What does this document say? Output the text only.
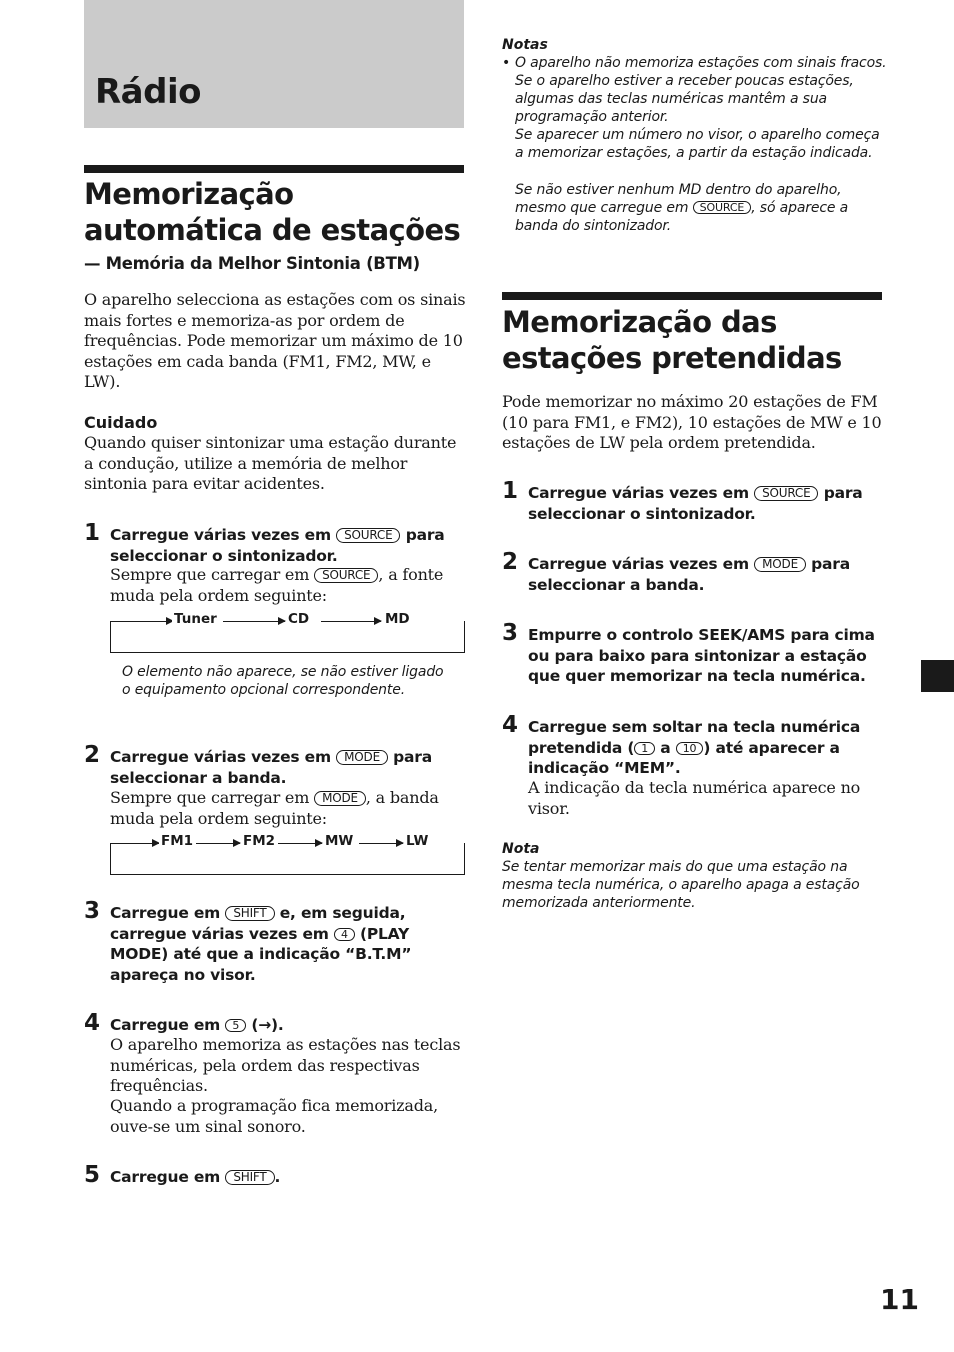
Rádio
Memorização automática de estações
— Memória da Melhor Sintonia (BTM)
O aparelho selecciona as estações com os sinais mais fortes e memoriza-as por ordem de frequências. Pode memorizar um máximo de 10 estações em cada banda (FM1, FM2, MW, e LW).
Cuidado
Quando quiser sintonizar uma estação durante a condução, utilize a memória de melhor sintonia para evitar acidentes.
1 Carregue várias vezes em SOURCE para
seleccionar o sintonizador.
Sempre que carregar em SOURCE , a fonte
muda pela ordem seguinte:
Tuner	CD	MD
O elemento não aparece, se não estiver ligado o equipamento opcional correspondente.
2 Carregue várias vezes em MODE para
seleccionar a banda.
Sempre que carregar em MODE , a banda
muda pela ordem seguinte:
FM1	FM2	MW	LW
3 Carregue em SHIFT e, em seguida,
carregue várias vezes em 4 (PLAY
MODE) até que a indicação “B.T.M”
apareça no visor.
4 Carregue em 5 (→).
O aparelho memoriza as estações nas teclas numéricas, pela ordem das respectivas frequências.
Quando a programação fica memorizada, ouve-se um sinal sonoro.
5 Carregue em SHIFT .
Notas
• O aparelho não memoriza estações com sinais fracos. Se o aparelho estiver a receber poucas estações, algumas das teclas numéricas mantêm a sua programação anterior.
Se aparecer um número no visor, o aparelho começa a memorizar estações, a partir da estação indicada.
Se não estiver nenhum MD dentro do aparelho, mesmo que carregue em SOURCE , só aparece a banda do sintonizador.
Memorização das estações pretendidas
Pode memorizar no máximo 20 estações de FM (10 para FM1, e FM2), 10 estações de MW e 10 estações de LW pela ordem pretendida.
1 Carregue várias vezes em SOURCE para
seleccionar o sintonizador.
2 Carregue várias vezes em MODE para
seleccionar a banda.
3 Empurre o controlo SEEK/AMS para cima
ou para baixo para sintonizar a estação
que quer memorizar na tecla numérica.
4 Carregue sem soltar na tecla numérica
pretendida ( 1 a 10 ) até aparecer a
indicação “MEM”.
A indicação da tecla numérica aparece no visor.
Nota
Se tentar memorizar mais do que uma estação na mesma tecla numérica, o aparelho apaga a estação memorizada anteriormente.
11
